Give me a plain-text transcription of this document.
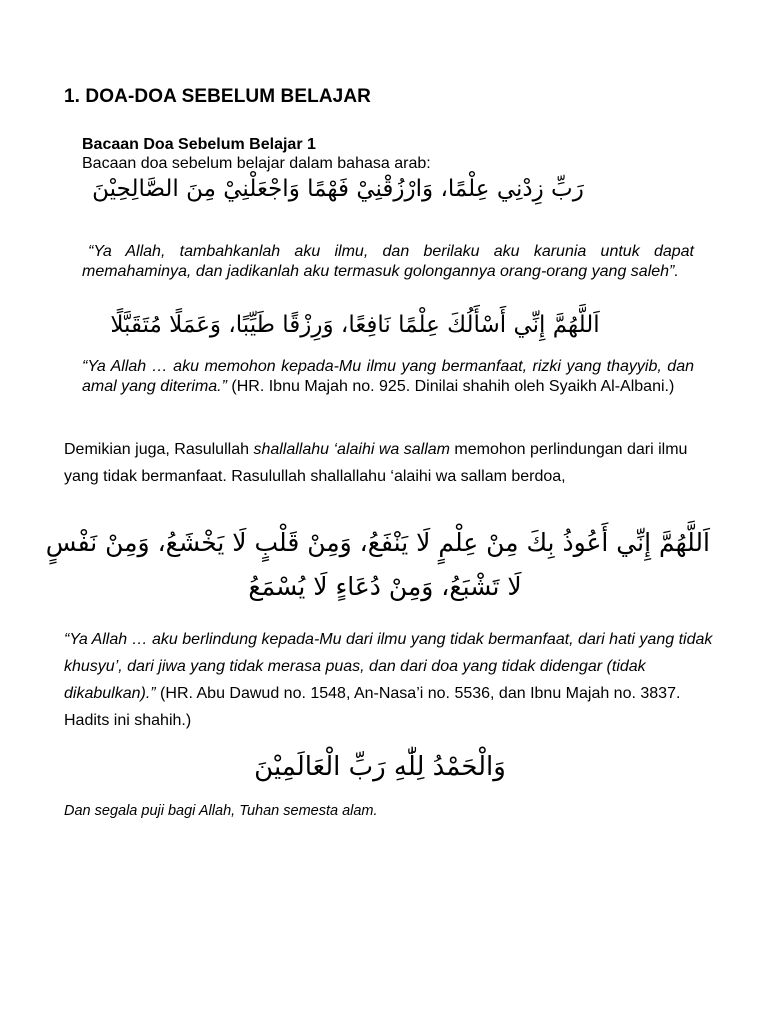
1. DOA-DOA SEBELUM BELAJAR
Bacaan Doa Sebelum Belajar 1
Bacaan doa sebelum belajar dalam bahasa arab:
رَبِّ زِدْنِي عِلْمًا، وَارْزُقْنِيْ فَهْمًا وَاجْعَلْنِيْ مِنَ الصَّالِحِيْنَ
“Ya Allah, tambahkanlah aku ilmu, dan berilaku aku karunia untuk dapat memahaminya, dan jadikanlah aku termasuk golongannya orang-orang yang saleh”.
اَللَّهُمَّ إِنِّي أَسْأَلُكَ عِلْمًا نَافِعًا، وَرِزْقًا طَيِّبًا، وَعَمَلًا مُتَقَبَّلًا
“Ya Allah … aku memohon kepada-Mu ilmu yang bermanfaat, rizki yang thayyib, dan amal yang diterima.” (HR. Ibnu Majah no. 925. Dinilai shahih oleh Syaikh Al-Albani.)
Demikian juga, Rasulullah shallallahu ‘alaihi wa sallam memohon perlindungan dari ilmu yang tidak bermanfaat. Rasulullah shallallahu ‘alaihi wa sallam berdoa,
اَللَّهُمَّ إِنِّي أَعُوذُ بِكَ مِنْ عِلْمٍ لَا يَنْفَعُ، وَمِنْ قَلْبٍ لَا يَخْشَعُ، وَمِنْ نَفْسٍ
لَا تَشْبَعُ، وَمِنْ دُعَاءٍ لَا يُسْمَعُ
“Ya Allah … aku berlindung kepada-Mu dari ilmu yang tidak bermanfaat, dari hati yang tidak khusyu’, dari jiwa yang tidak merasa puas, dan dari doa yang tidak didengar (tidak dikabulkan).” (HR. Abu Dawud no. 1548, An-Nasa’i no. 5536, dan Ibnu Majah no. 3837. Hadits ini shahih.)
وَالْحَمْدُ لِلّٰهِ رَبِّ الْعَالَمِيْنَ
Dan segala puji bagi Allah, Tuhan semesta alam.
